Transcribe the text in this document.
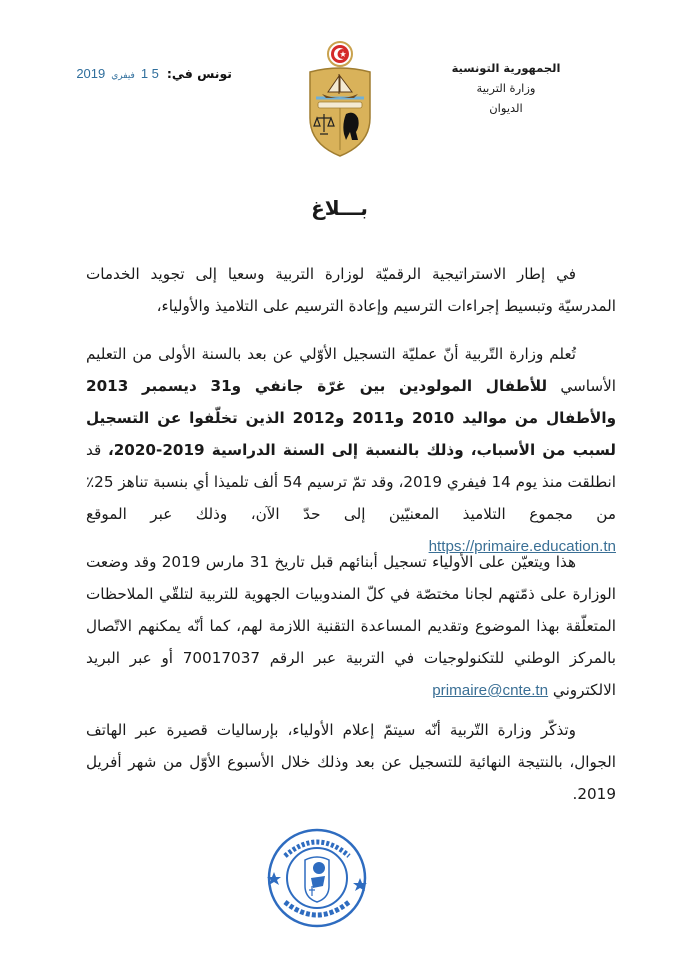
الجمهورية التونسية
وزارة التربية
الديوان
تونس في:
2019 فيفري 1 5
بـــلاغ

في إطار الاستراتيجية الرقميّة لوزارة التربية وسعيا إلى تجويد الخدمات المدرسيّة وتبسيط إجراءات الترسيم وإعادة الترسيم على التلاميذ والأولياء،

تُعلم وزارة التّربية أنّ عمليّة التسجيل الأوّلي عن بعد بالسنة الأولى من التعليم الأساسي للأطفال المولودين بين غرّة جانفي و31 ديسمبر 2013 والأطفال من مواليد 2010 و2011 و2012 الذين تخلّفوا عن التسجيل لسبب من الأسباب، وذلك بالنسبة إلى السنة الدراسية 2019-2020، قد انطلقت منذ يوم 14 فيفري 2019، وقد تمّ ترسيم 54 ألف تلميذا أي بنسبة تناهز 25٪ من مجموع التلاميذ المعنيّين إلى حدّ الآن، وذلك عبر الموقع https://primaire.education.tn

هذا ويتعيّن على الأولياء تسجيل أبنائهم قبل تاريخ 31 مارس 2019 وقد وضعت الوزارة على ذمّتهم لجانا مختصّة في كلّ المندوبيات الجهوية للتربية لتلقّي الملاحظات المتعلّقة بهذا الموضوع وتقديم المساعدة التقنية اللازمة لهم، كما أنّه يمكنهم الاتّصال بالمركز الوطني للتكنولوجيات في التربية عبر الرقم 70017037 أو عبر البريد الالكتروني primaire@cnte.tn

وتذكّر وزارة التّربية أنّه سيتمّ إعلام الأولياء، بإرساليات قصيرة عبر الهاتف الجوال، بالنتيجة النهائية للتسجيل عن بعد وذلك خلال الأسبوع الأوّل من شهر أفريل 2019.
